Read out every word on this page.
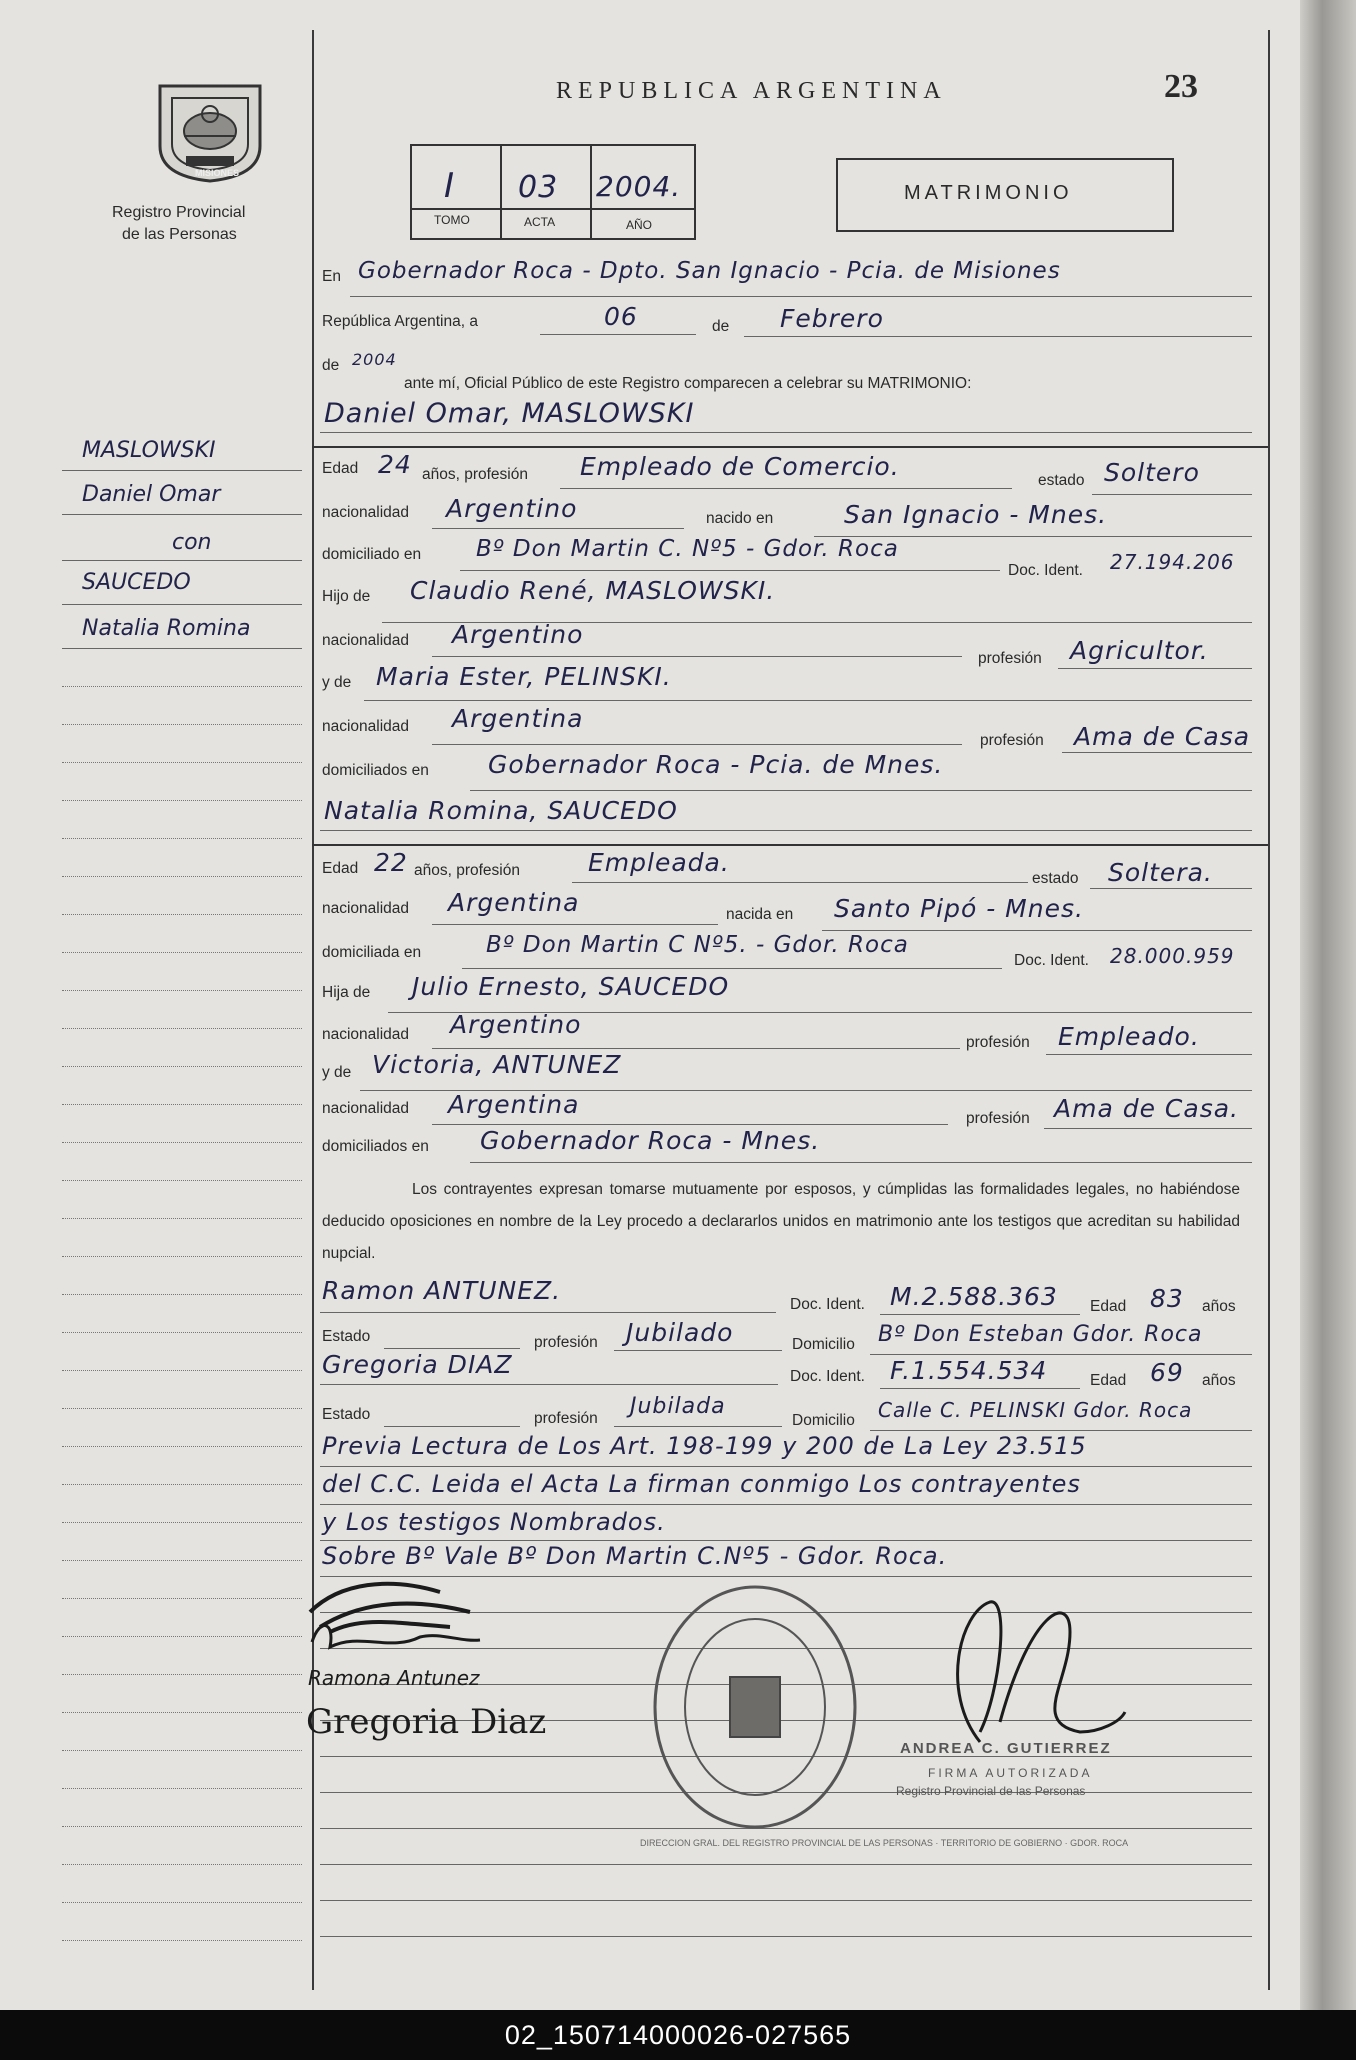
MISIONES
Registro Provincial
de las Personas
REPUBLICA ARGENTINA	23
I 03 2004.
TOMO	ACTA	AÑO
MATRIMONIO
MASLOWSKI
Daniel Omar
con
SAUCEDO
Natalia Romina
En Gobernador Roca - Dpto. San Ignacio - Pcia. de Misiones
República Argentina, a	06	de Febrero
de 2004
ante mí, Oficial Público de este Registro comparecen a celebrar su MATRIMONIO:
Daniel Omar, MASLOWSKI
Edad 24 años, profesión Empleado de Comercio.	estado Soltero
nacionalidad Argentino	nacido en	San Ignacio - Mnes.
domiciliado en Bº Don Martin C. Nº5 - Gdor. Roca
Doc. Ident. 27.194.206
Hijo de Claudio René, MASLOWSKI.
nacionalidad Argentino
profesión Agricultor.
y de Maria Ester, PELINSKI.
nacionalidad Argentina
profesión Ama de Casa
domiciliados en Gobernador Roca - Pcia. de Mnes.
Natalia Romina, SAUCEDO
Edad 22 años, profesión	Empleada.
estado Soltera.
nacionalidad Argentina	nacida en Santo Pipó - Mnes.
domiciliada en	Bº Don Martin C Nº5. - Gdor. Roca
Doc. Ident. 28.000.959
Hija de Julio Ernesto, SAUCEDO
nacionalidad Argentino
profesión Empleado.
y de Victoria, ANTUNEZ
nacionalidad Argentina	profesión Ama de Casa.
domiciliados en Gobernador Roca - Mnes.
Los contrayentes expresan tomarse mutuamente por esposos, y cúmplidas las formalidades legales, no habiéndose deducido oposiciones en nombre de la Ley procedo a declararlos unidos en matrimonio ante los testigos que acreditan su habilidad nupcial.
Ramon ANTUNEZ.	Doc. Ident. M.2.588.363 Edad 83 años
Estado	profesión Jubilado	Domicilio Bº Don Esteban Gdor. Roca
Gregoria DIAZ	Doc. Ident. F.1.554.534	Edad 69 años
Estado	profesión Jubilada
Domicilio Calle C. PELINSKI Gdor. Roca
Previa Lectura de Los Art. 198-199 y 200 de La Ley 23.515
del C.C. Leida el Acta La firman conmigo Los contrayentes
y Los testigos Nombrados.
Sobre Bº Vale Bº Don Martin C.Nº5 - Gdor. Roca.
Ramona Antunez
Gregoria Diaz
ANDREA C. GUTIERREZ
FIRMA AUTORIZADA
Registro Provincial de las Personas
DIRECCION GRAL. DEL REGISTRO PROVINCIAL DE LAS PERSONAS · TERRITORIO DE GOBIERNO · GDOR. ROCA
02_150714000026-027565
